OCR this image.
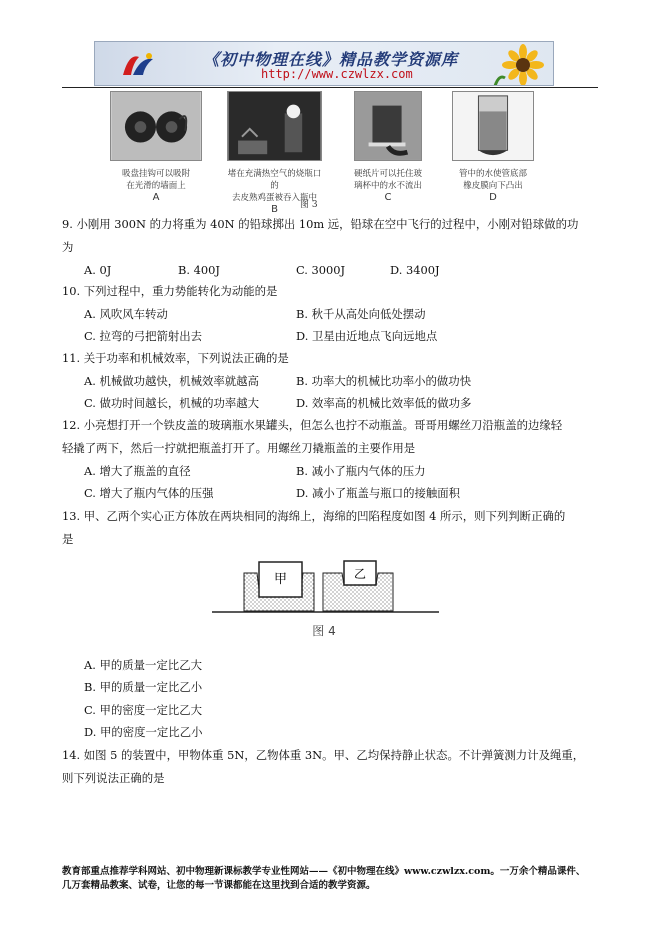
《初中物理在线》精品教学资源库
http://www.czwlzx.com
吸盘挂钩可以吸附
在光滑的墙面上
A
堵在充满热空气的烧瓶口的
去皮熟鸡蛋被吞入瓶中
B
硬纸片可以托住玻
璃杯中的水不流出
C
管中的水使管底部
橡皮膜向下凸出
D
图 3
9. 小刚用 300N 的力将重为 40N 的铅球掷出 10m 远，铅球在空中飞行的过程中，小刚对铅球做的功
为
A. 0J	B. 400J	C. 3000J	D. 3400J
10. 下列过程中，重力势能转化为动能的是
A. 风吹风车转动	B. 秋千从高处向低处摆动
C. 拉弯的弓把箭射出去	D. 卫星由近地点飞向远地点
11. 关于功率和机械效率，下列说法正确的是
A. 机械做功越快，机械效率就越高	B. 功率大的机械比功率小的做功快
C. 做功时间越长，机械的功率越大	D. 效率高的机械比效率低的做功多
12. 小亮想打开一个铁皮盖的玻璃瓶水果罐头，但怎么也拧不动瓶盖。哥哥用螺丝刀沿瓶盖的边缘轻
轻撬了两下，然后一拧就把瓶盖打开了。用螺丝刀撬瓶盖的主要作用是
A. 增大了瓶盖的直径	B. 减小了瓶内气体的压力
C. 增大了瓶内气体的压强	D. 减小了瓶盖与瓶口的接触面积
13. 甲、乙两个实心正方体放在两块相同的海绵上，海绵的凹陷程度如图 4 所示，则下列判断正确的
是
甲	乙
图 4
A. 甲的质量一定比乙大
B. 甲的质量一定比乙小
C. 甲的密度一定比乙大
D. 甲的密度一定比乙小
14. 如图 5 的装置中，甲物体重 5N，乙物体重 3N。甲、乙均保持静止状态。不计弹簧测力计及绳重，
则下列说法正确的是
教育部重点推荐学科网站、初中物理新课标教学专业性网站——《初中物理在线》www.czwlzx.com。一万余个精品课件、
几万套精品教案、试卷，让您的每一节课都能在这里找到合适的教学资源。
